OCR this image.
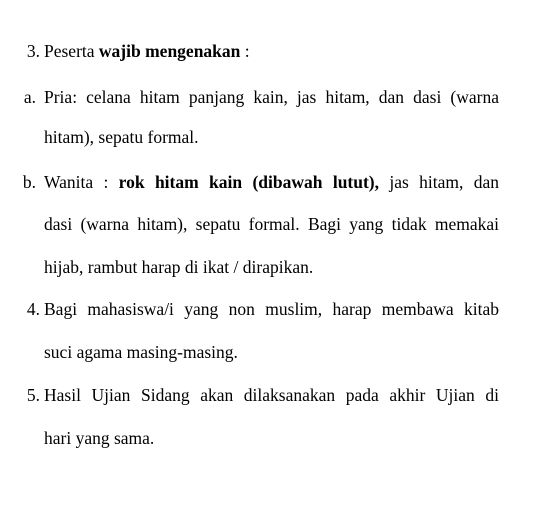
3. Peserta wajib mengenakan :
a. Pria: celana hitam panjang kain, jas hitam, dan dasi (warna
hitam), sepatu formal.
b. Wanita : rok hitam kain (dibawah lutut), jas hitam, dan
dasi (warna hitam), sepatu formal. Bagi yang tidak memakai
hijab, rambut harap di ikat / dirapikan.
4. Bagi mahasiswa/i yang non muslim, harap membawa kitab
suci agama masing-masing.
5. Hasil Ujian Sidang akan dilaksanakan pada akhir Ujian di
hari yang sama.
